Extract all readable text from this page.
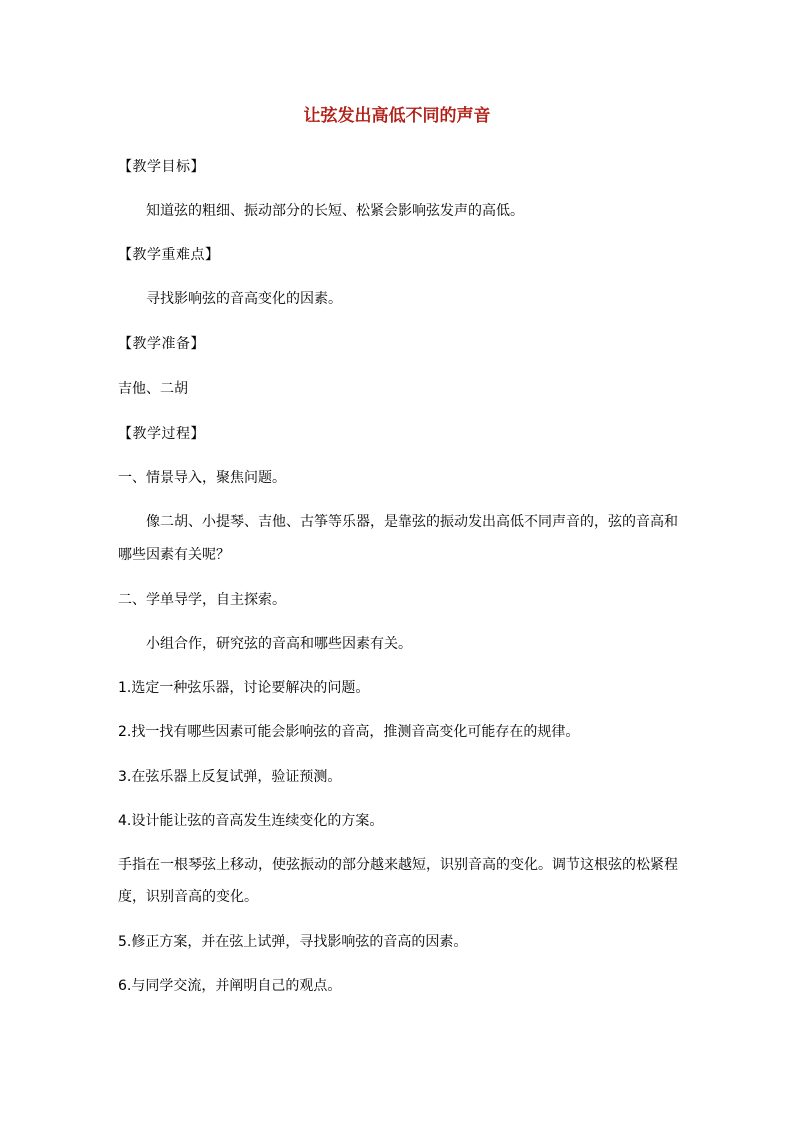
让弦发出高低不同的声音
【教学目标】
知道弦的粗细、振动部分的长短、松紧会影响弦发声的高低。
【教学重难点】
寻找影响弦的音高变化的因素。
【教学准备】
吉他、二胡
【教学过程】
一、情景导入，聚焦问题。
像二胡、小提琴、吉他、古筝等乐器，是靠弦的振动发出高低不同声音的，弦的音高和
哪些因素有关呢？
二、学单导学，自主探索。
小组合作，研究弦的音高和哪些因素有关。
1.选定一种弦乐器，讨论要解决的问题。
2.找一找有哪些因素可能会影响弦的音高，推测音高变化可能存在的规律。
3.在弦乐器上反复试弹，验证预测。
4.设计能让弦的音高发生连续变化的方案。
手指在一根琴弦上移动，使弦振动的部分越来越短，识别音高的变化。调节这根弦的松紧程
度，识别音高的变化。
5.修正方案，并在弦上试弹，寻找影响弦的音高的因素。
6.与同学交流，并阐明自己的观点。
